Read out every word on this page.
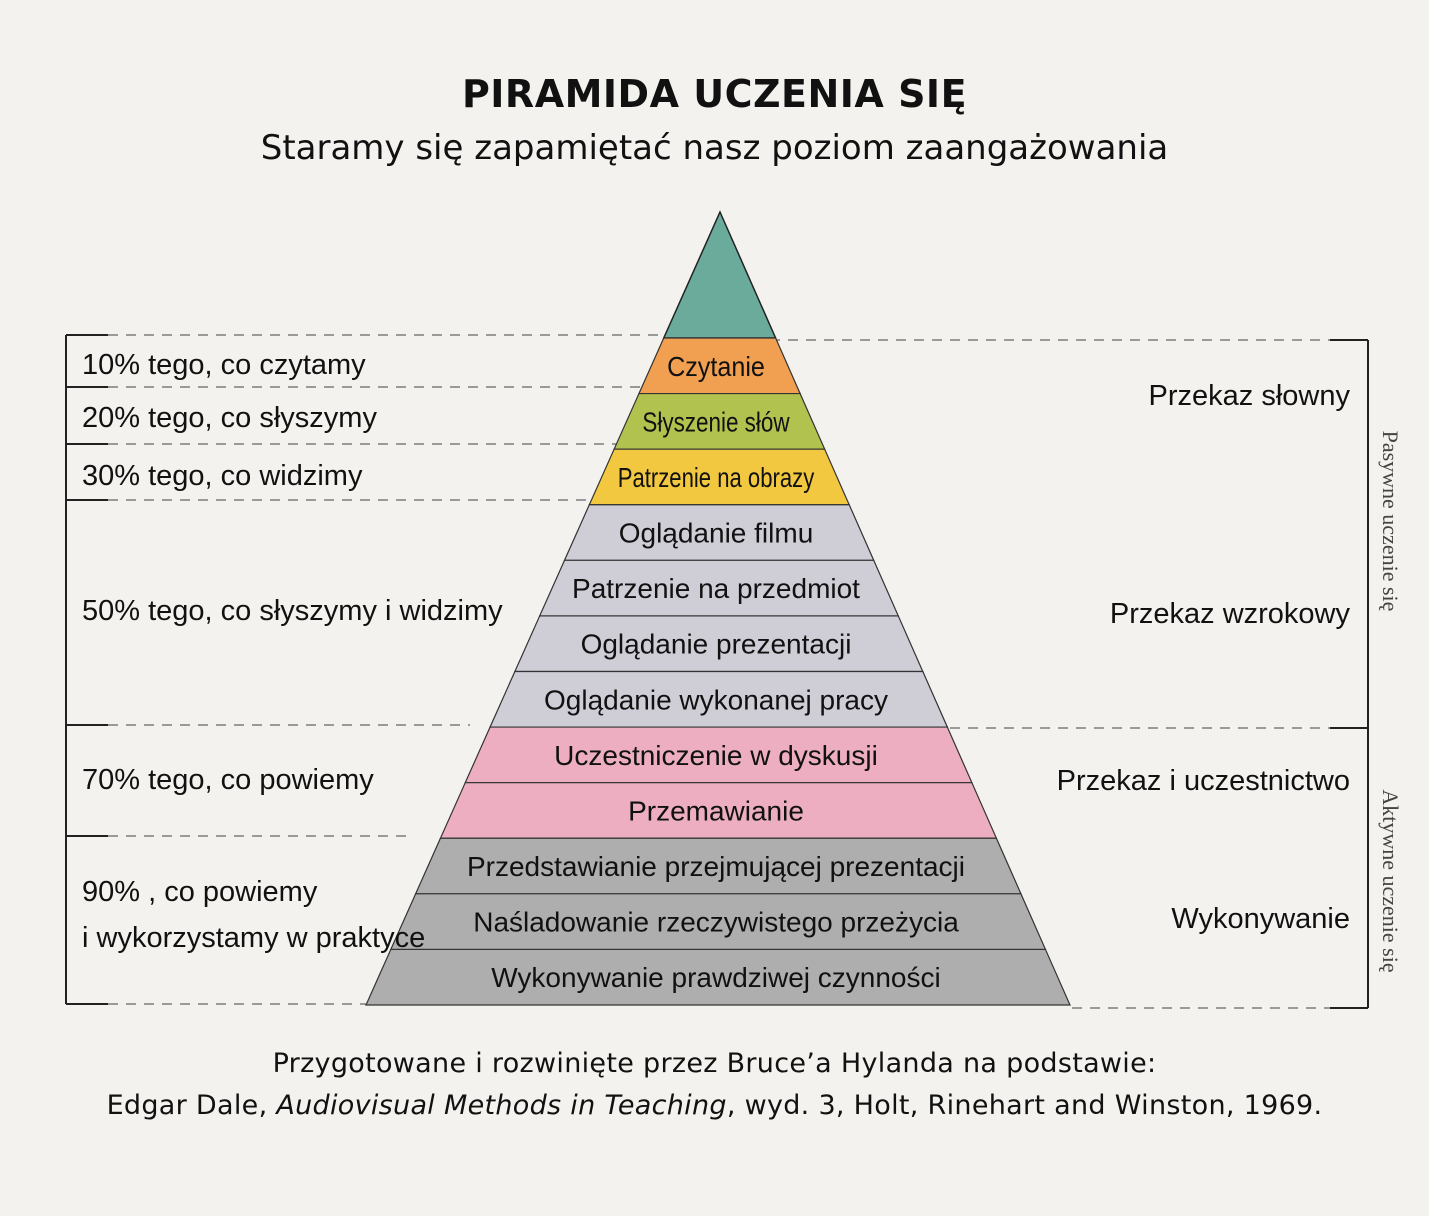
PIRAMIDA UCZENIA SIĘ
Staramy się zapamiętać nasz poziom zaangażowania
Czytanie
Słyszenie słów
Patrzenie na obrazy
Oglądanie filmu
Patrzenie na przedmiot
Oglądanie prezentacji
Oglądanie wykonanej pracy
Uczestniczenie w dyskusji
Przemawianie
Przedstawianie przejmującej prezentacji
Naśladowanie rzeczywistego przeżycia
Wykonywanie prawdziwej czynności
10% tego, co czytamy
20% tego, co słyszymy
30% tego, co widzimy
50% tego, co słyszymy i widzimy
70% tego, co powiemy
90% , co powiemy
i wykorzystamy w praktyce
Przekaz słowny
Przekaz wzrokowy
Przekaz i uczestnictwo
Wykonywanie
Pasywne uczenie się
Aktywne uczenie się
Przygotowane i rozwinięte przez Bruce’a Hylanda na podstawie:
Edgar Dale, Audiovisual Methods in Teaching, wyd. 3, Holt, Rinehart and Winston, 1969.
